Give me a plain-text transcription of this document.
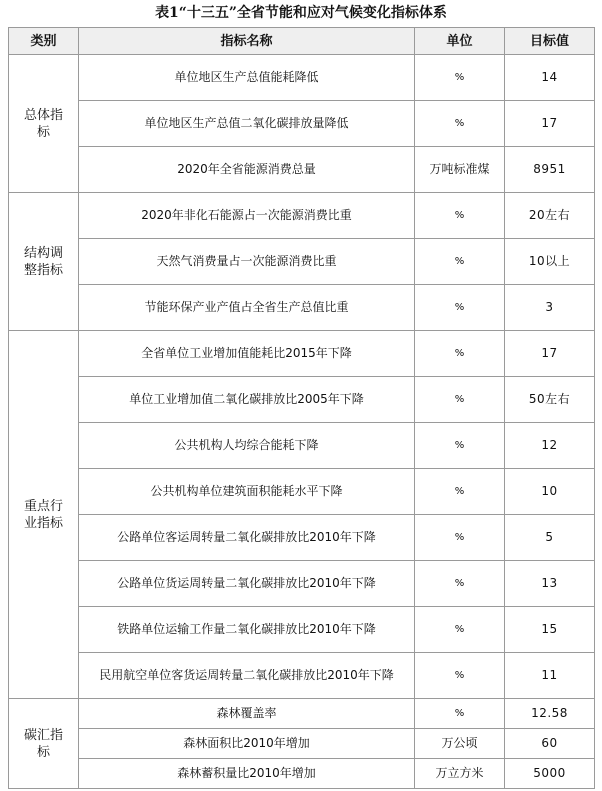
表1“十三五”全省节能和应对气候变化指标体系
类别	指标名称	单位	目标值
总体指标	单位地区生产总值能耗降低	%	14
	单位地区生产总值二氧化碳排放量降低	%	17
	2020年全省能源消费总量	万吨标准煤	8951
结构调整指标	2020年非化石能源占一次能源消费比重	%	20左右
	天然气消费量占一次能源消费比重	%	10以上
	节能环保产业产值占全省生产总值比重	%	3
重点行业指标	全省单位工业增加值能耗比2015年下降	%	17
	单位工业增加值二氧化碳排放比2005年下降	%	50左右
	公共机构人均综合能耗下降	%	12
	公共机构单位建筑面积能耗水平下降	%	10
	公路单位客运周转量二氧化碳排放比2010年下降	%	5
	公路单位货运周转量二氧化碳排放比2010年下降	%	13
	铁路单位运输工作量二氧化碳排放比2010年下降	%	15
	民用航空单位客货运周转量二氧化碳排放比2010年下降	%	11
碳汇指标	森林覆盖率	%	12.58
	森林面积比2010年增加	万公顷	60
	森林蓄积量比2010年增加	万立方米	5000
